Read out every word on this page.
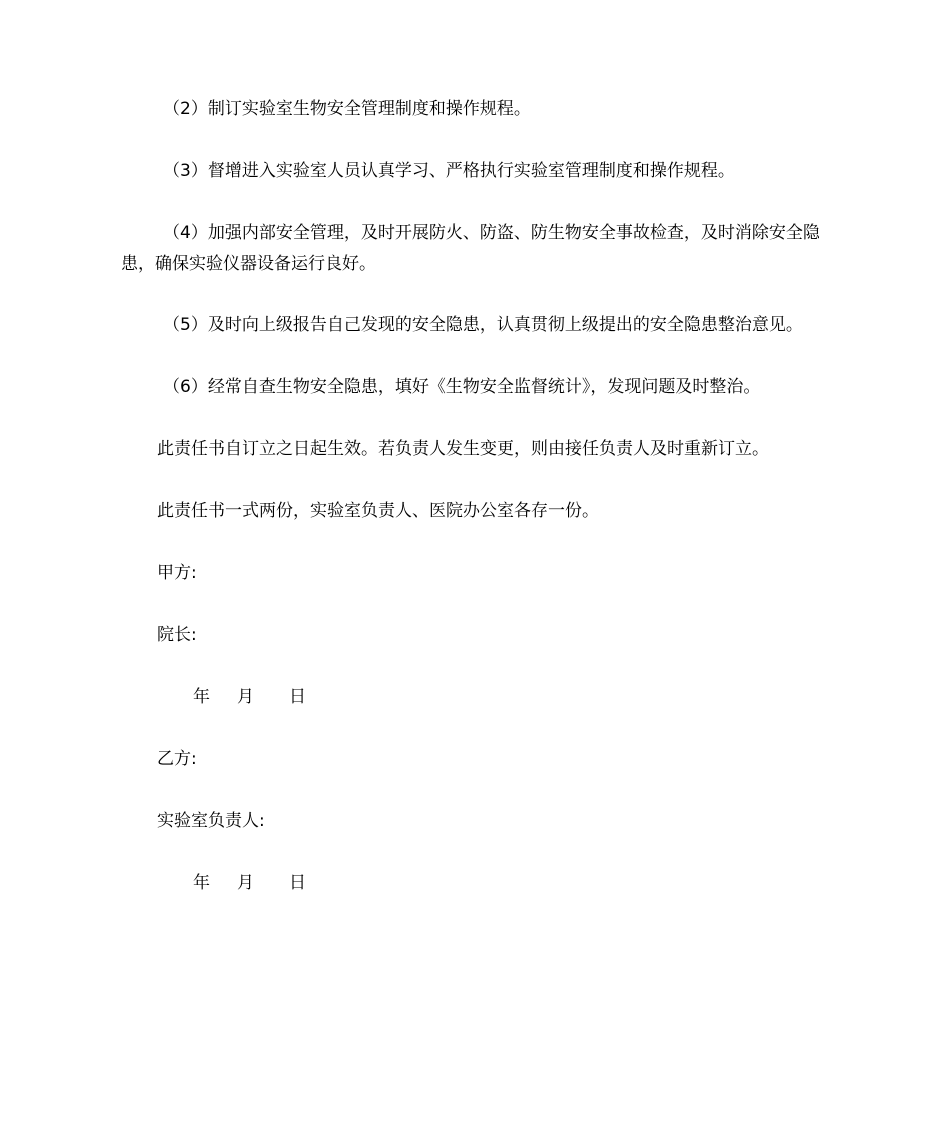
（2）制订实验室生物安全管理制度和操作规程。

（3）督增进入实验室人员认真学习、严格执行实验室管理制度和操作规程。

（4）加强内部安全管理，及时开展防火、防盗、防生物安全事故检查，及时消除安全隐患，确保实验仪器设备运行良好。

（5）及时向上级报告自己发现的安全隐患，认真贯彻上级提出的安全隐患整治意见。

（6）经常自查生物安全隐患，填好《生物安全监督统计》，发现问题及时整治。

此责任书自订立之日起生效。若负责人发生变更，则由接任负责人及时重新订立。

此责任书一式两份，实验室负责人、医院办公室各存一份。

甲方:

院长:

年 月 日

乙方:

实验室负责人:

年 月 日
